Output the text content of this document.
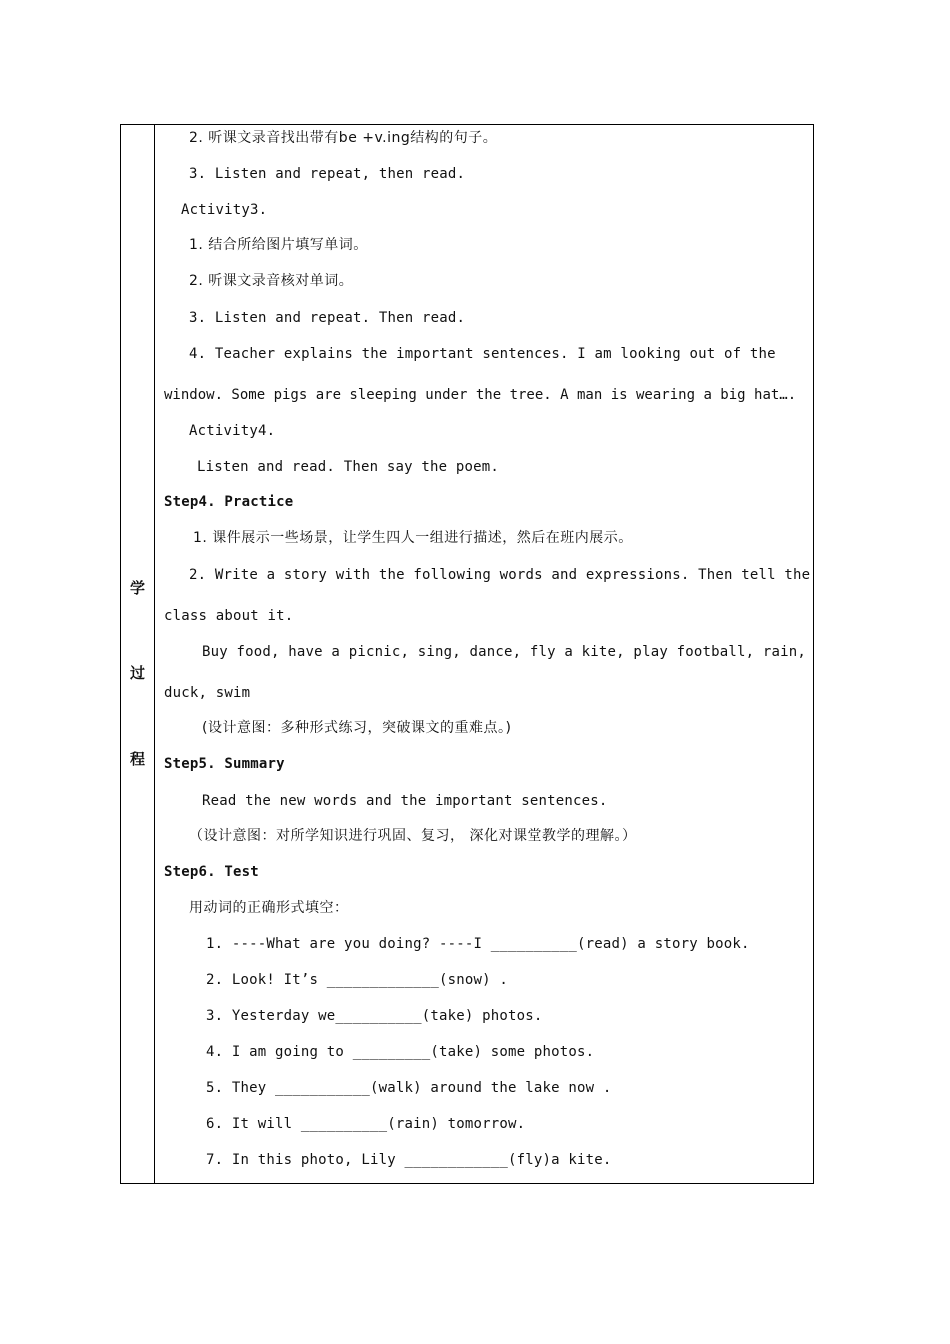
学
过
程
2. 听课文录音找出带有be +v.ing结构的句子。
3. Listen and repeat, then read.
Activity3.
1. 结合所给图片填写单词。
2. 听课文录音核对单词。
3. Listen and repeat. Then read.
4. Teacher explains the important sentences. I am looking out of the
window. Some pigs are sleeping under the tree. A man is wearing a big hat….
Activity4.
Listen and read. Then say the poem.
Step4. Practice
1. 课件展示一些场景，让学生四人一组进行描述，然后在班内展示。
2. Write a story with the following words and expressions. Then tell the
class about it.
Buy food, have a picnic, sing, dance, fly a kite, play football, rain,
duck, swim
(设计意图：多种形式练习，突破课文的重难点。)
Step5. Summary
Read the new words and the important sentences.
（设计意图：对所学知识进行巩固、复习， 深化对课堂教学的理解。）
Step6. Test
用动词的正确形式填空：
1. ----What are you doing? ----I __________(read) a story book.
2. Look! It’s _____________(snow) .
3. Yesterday we__________(take) photos.
4. I am going to _________(take) some photos.
5. They ___________(walk) around the lake now .
6. It will __________(rain) tomorrow.
7. In this photo, Lily ____________(fly)a kite.
